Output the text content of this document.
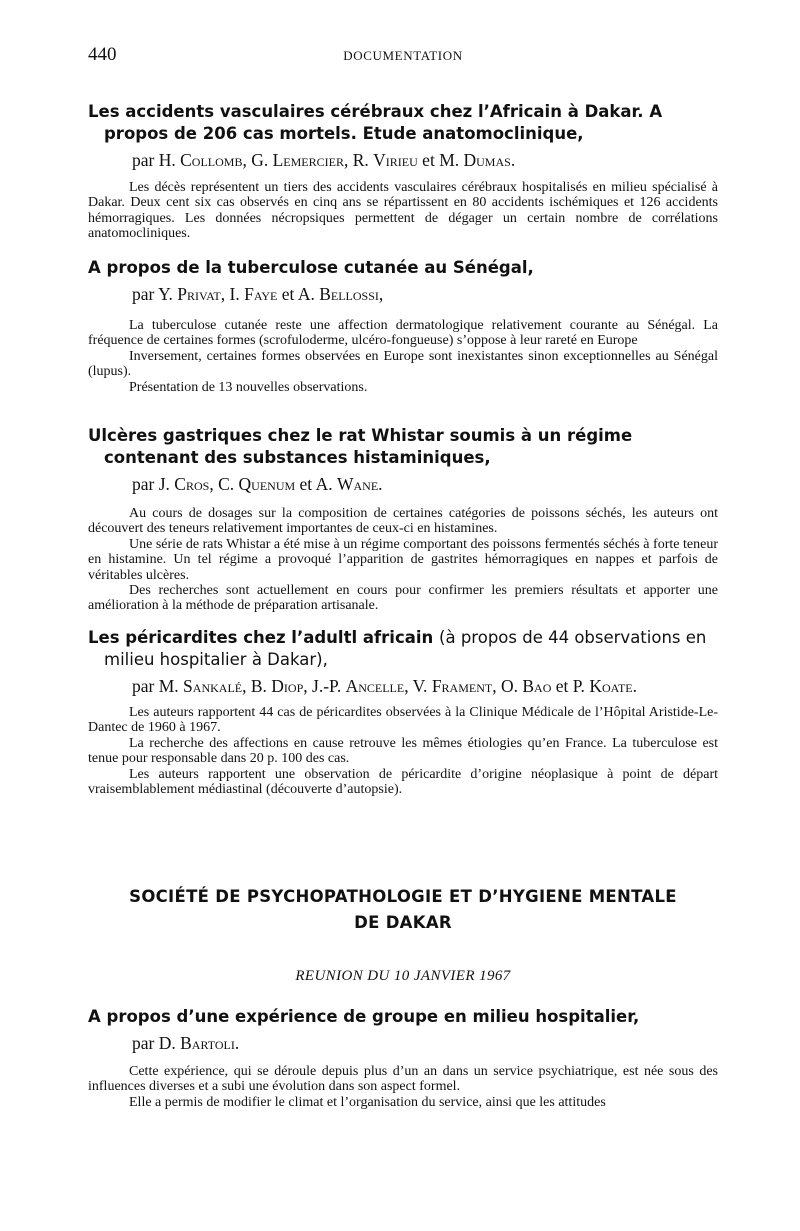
440	DOCUMENTATION
Les accidents vasculaires cérébraux chez l’Africain à Dakar. A propos de 206 cas mortels. Etude anatomoclinique,
par H. Collomb, G. Lemercier, R. Virieu et M. Dumas.

Les décès représentent un tiers des accidents vasculaires cérébraux hospitalisés en milieu spécialisé à Dakar. Deux cent six cas observés en cinq ans se répartissent en 80 accidents ischémiques et 126 accidents hémorragiques. Les données nécropsiques permettent de dégager un certain nombre de corrélations anatomocliniques.

A propos de la tuberculose cutanée au Sénégal,
par Y. Privat, I. Faye et A. Bellossi,

La tuberculose cutanée reste une affection dermatologique relativement courante au Sénégal. La fréquence de certaines formes (scrofuloderme, ulcéro-fongueuse) s’oppose à leur rareté en Europe

Inversement, certaines formes observées en Europe sont inexistantes sinon exceptionnelles au Sénégal (lupus).

Présentation de 13 nouvelles observations.

Ulcères gastriques chez le rat Whistar soumis à un régime contenant des substances histaminiques,
par J. Cros, C. Quenum et A. Wane.

Au cours de dosages sur la composition de certaines catégories de poissons séchés, les auteurs ont découvert des teneurs relativement importantes de ceux-ci en histamines.

Une série de rats Whistar a été mise à un régime comportant des poissons fermentés séchés à forte teneur en histamine. Un tel régime a provoqué l’apparition de gastrites hémorragiques en nappes et parfois de véritables ulcères.

Des recherches sont actuellement en cours pour confirmer les premiers résultats et apporter une amélioration à la méthode de préparation artisanale.

Les péricardites chez l’adultl africain (à propos de 44 observations en milieu hospitalier à Dakar),
par M. Sankalé, B. Diop, J.-P. Ancelle, V. Frament, O. Bao et P. Koate.

Les auteurs rapportent 44 cas de péricardites observées à la Clinique Médicale de l’Hôpital Aristide-Le-Dantec de 1960 à 1967.

La recherche des affections en cause retrouve les mêmes étiologies qu’en France. La tuberculose est tenue pour responsable dans 20 p. 100 des cas.

Les auteurs rapportent une observation de péricardite d’origine néoplasique à point de départ vraisemblablement médiastinal (découverte d’autopsie).

SOCIÉTÉ DE PSYCHOPATHOLOGIE ET D’HYGIENE MENTALE
DE DAKAR
REUNION DU 10 JANVIER 1967
A propos d’une expérience de groupe en milieu hospitalier,
par D. Bartoli.

Cette expérience, qui se déroule depuis plus d’un an dans un service psychiatrique, est née sous des influences diverses et a subi une évolution dans son aspect formel.

Elle a permis de modifier le climat et l’organisation du service, ainsi que les attitudes
